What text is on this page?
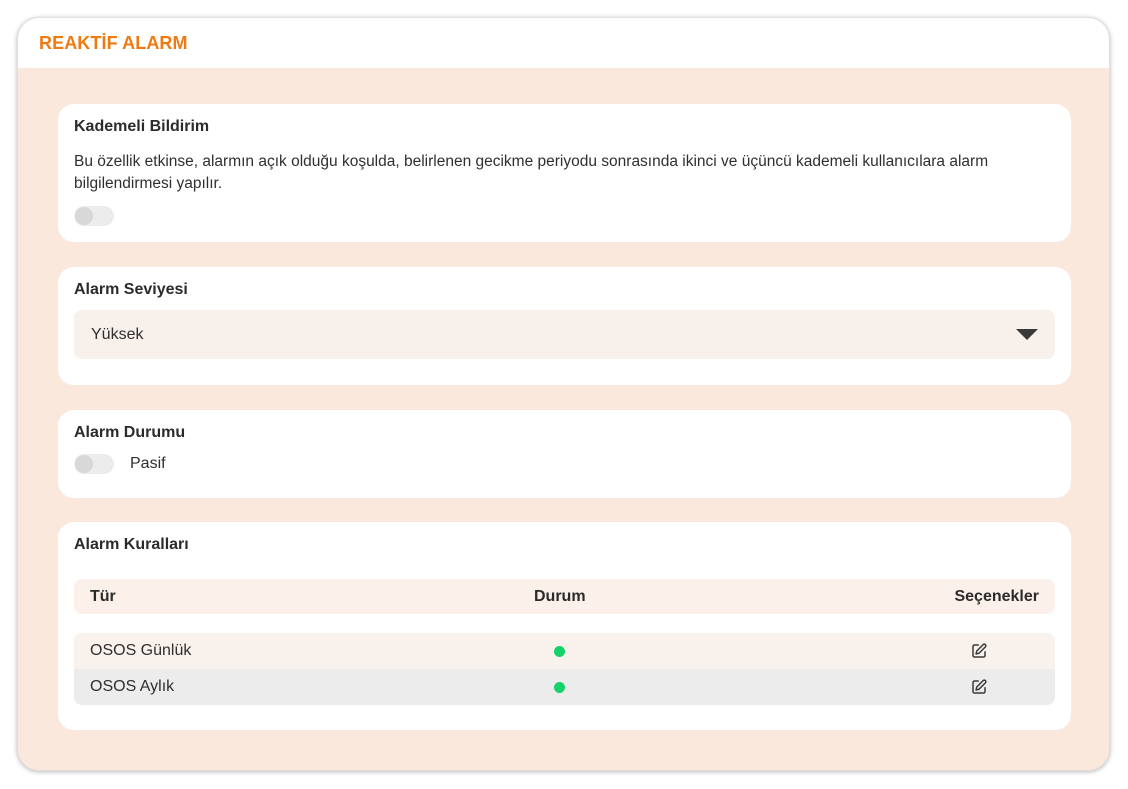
REAKTİF ALARM
Kademeli Bildirim
Bu özellik etkinse, alarmın açık olduğu koşulda, belirlenen gecikme periyodu sonrasında ikinci ve üçüncü kademeli kullanıcılara alarm bilgilendirmesi yapılır.
Alarm Seviyesi
Yüksek
Alarm Durumu
Pasif
Alarm Kuralları
Tür	Durum	Seçenekler
OSOS Günlük
OSOS Aylık
